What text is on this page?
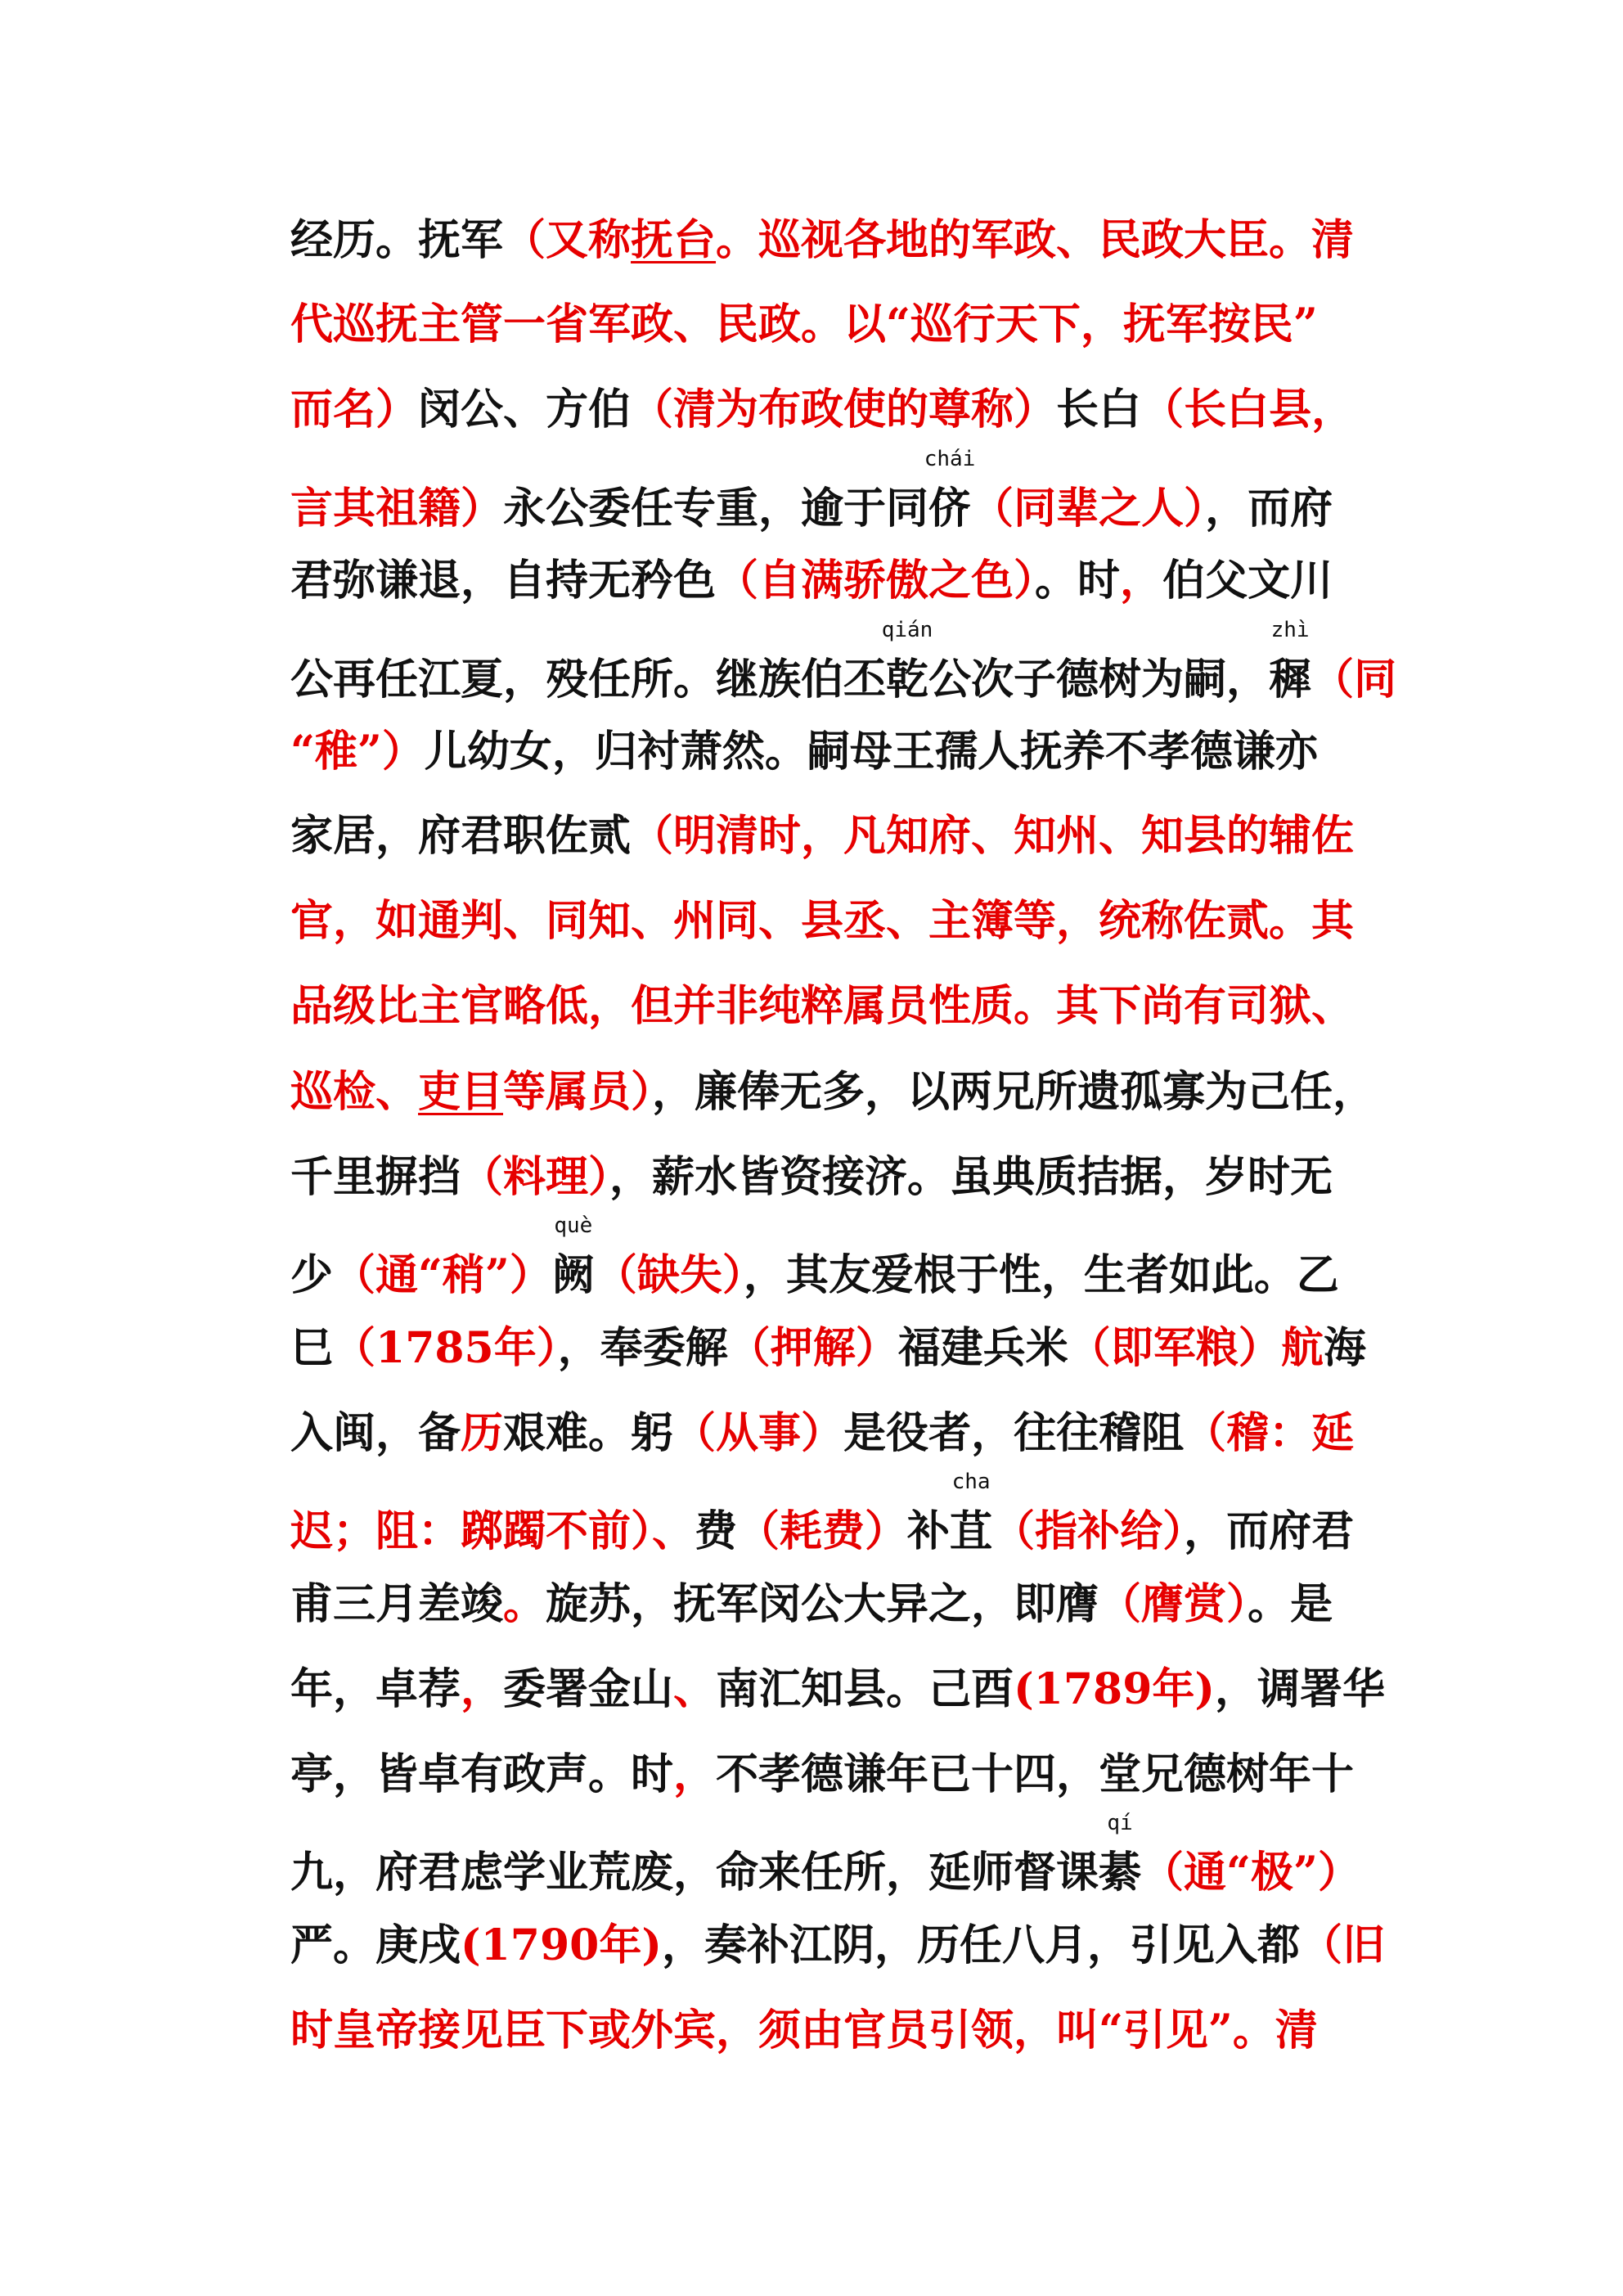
经历。抚军（又称抚台。巡视各地的军政、民政大臣。清
代巡抚主管一省军政、民政。以“巡行天下，抚军按民”
而名）闵公、方伯（清为布政使的尊称）长白（长白县，
言其祖籍）永公委任专重，逾于同侪
chái
（同辈之人），而府
君弥谦退，自持无矜色（自满骄傲之色）。时，伯父文川
公再任江夏，殁任所。继族伯丕乾
qián
公次子德树为嗣，穉
zhì
（同
“稚”）儿幼女，归衬萧然。嗣母王孺人抚养不孝德谦亦
家居，府君职佐贰（明清时，凡知府、知州、知县的辅佐
官，如通判、同知、州同、县丞、主簿等，统称佐贰。其
品级比主官略低，但并非纯粹属员性质。其下尚有司狱、
巡检、吏目等属员），廉俸无多，以两兄所遗孤寡为己任，
千里摒挡（料理），薪水皆资接济。虽典质拮据，岁时无
少（通“稍”）阙
què
（缺失），其友爱根于性，生者如此。乙
巳（1785年），奉委解（押解）福建兵米（即军粮）航海
入闽，备历艰难。躬（从事）是役者，往往稽阻（稽：延
迟；阻：踯躅不前）、费（耗费）补苴
cha
（指补给），而府君
甫三月差竣。旋苏，抚军闵公大异之，即膺（膺赏）。是
年，卓荐，委署金山、南汇知县。己酉(1789年)，调署华
亭，皆卓有政声。时，不孝德谦年已十四，堂兄德树年十
九，府君虑学业荒废，命来任所，延师督课綦
qí
（通“极”）
严。庚戌(1790年)，奏补江阴，历任八月，引见入都（旧
时皇帝接见臣下或外宾，须由官员引领，叫“引见”。清
